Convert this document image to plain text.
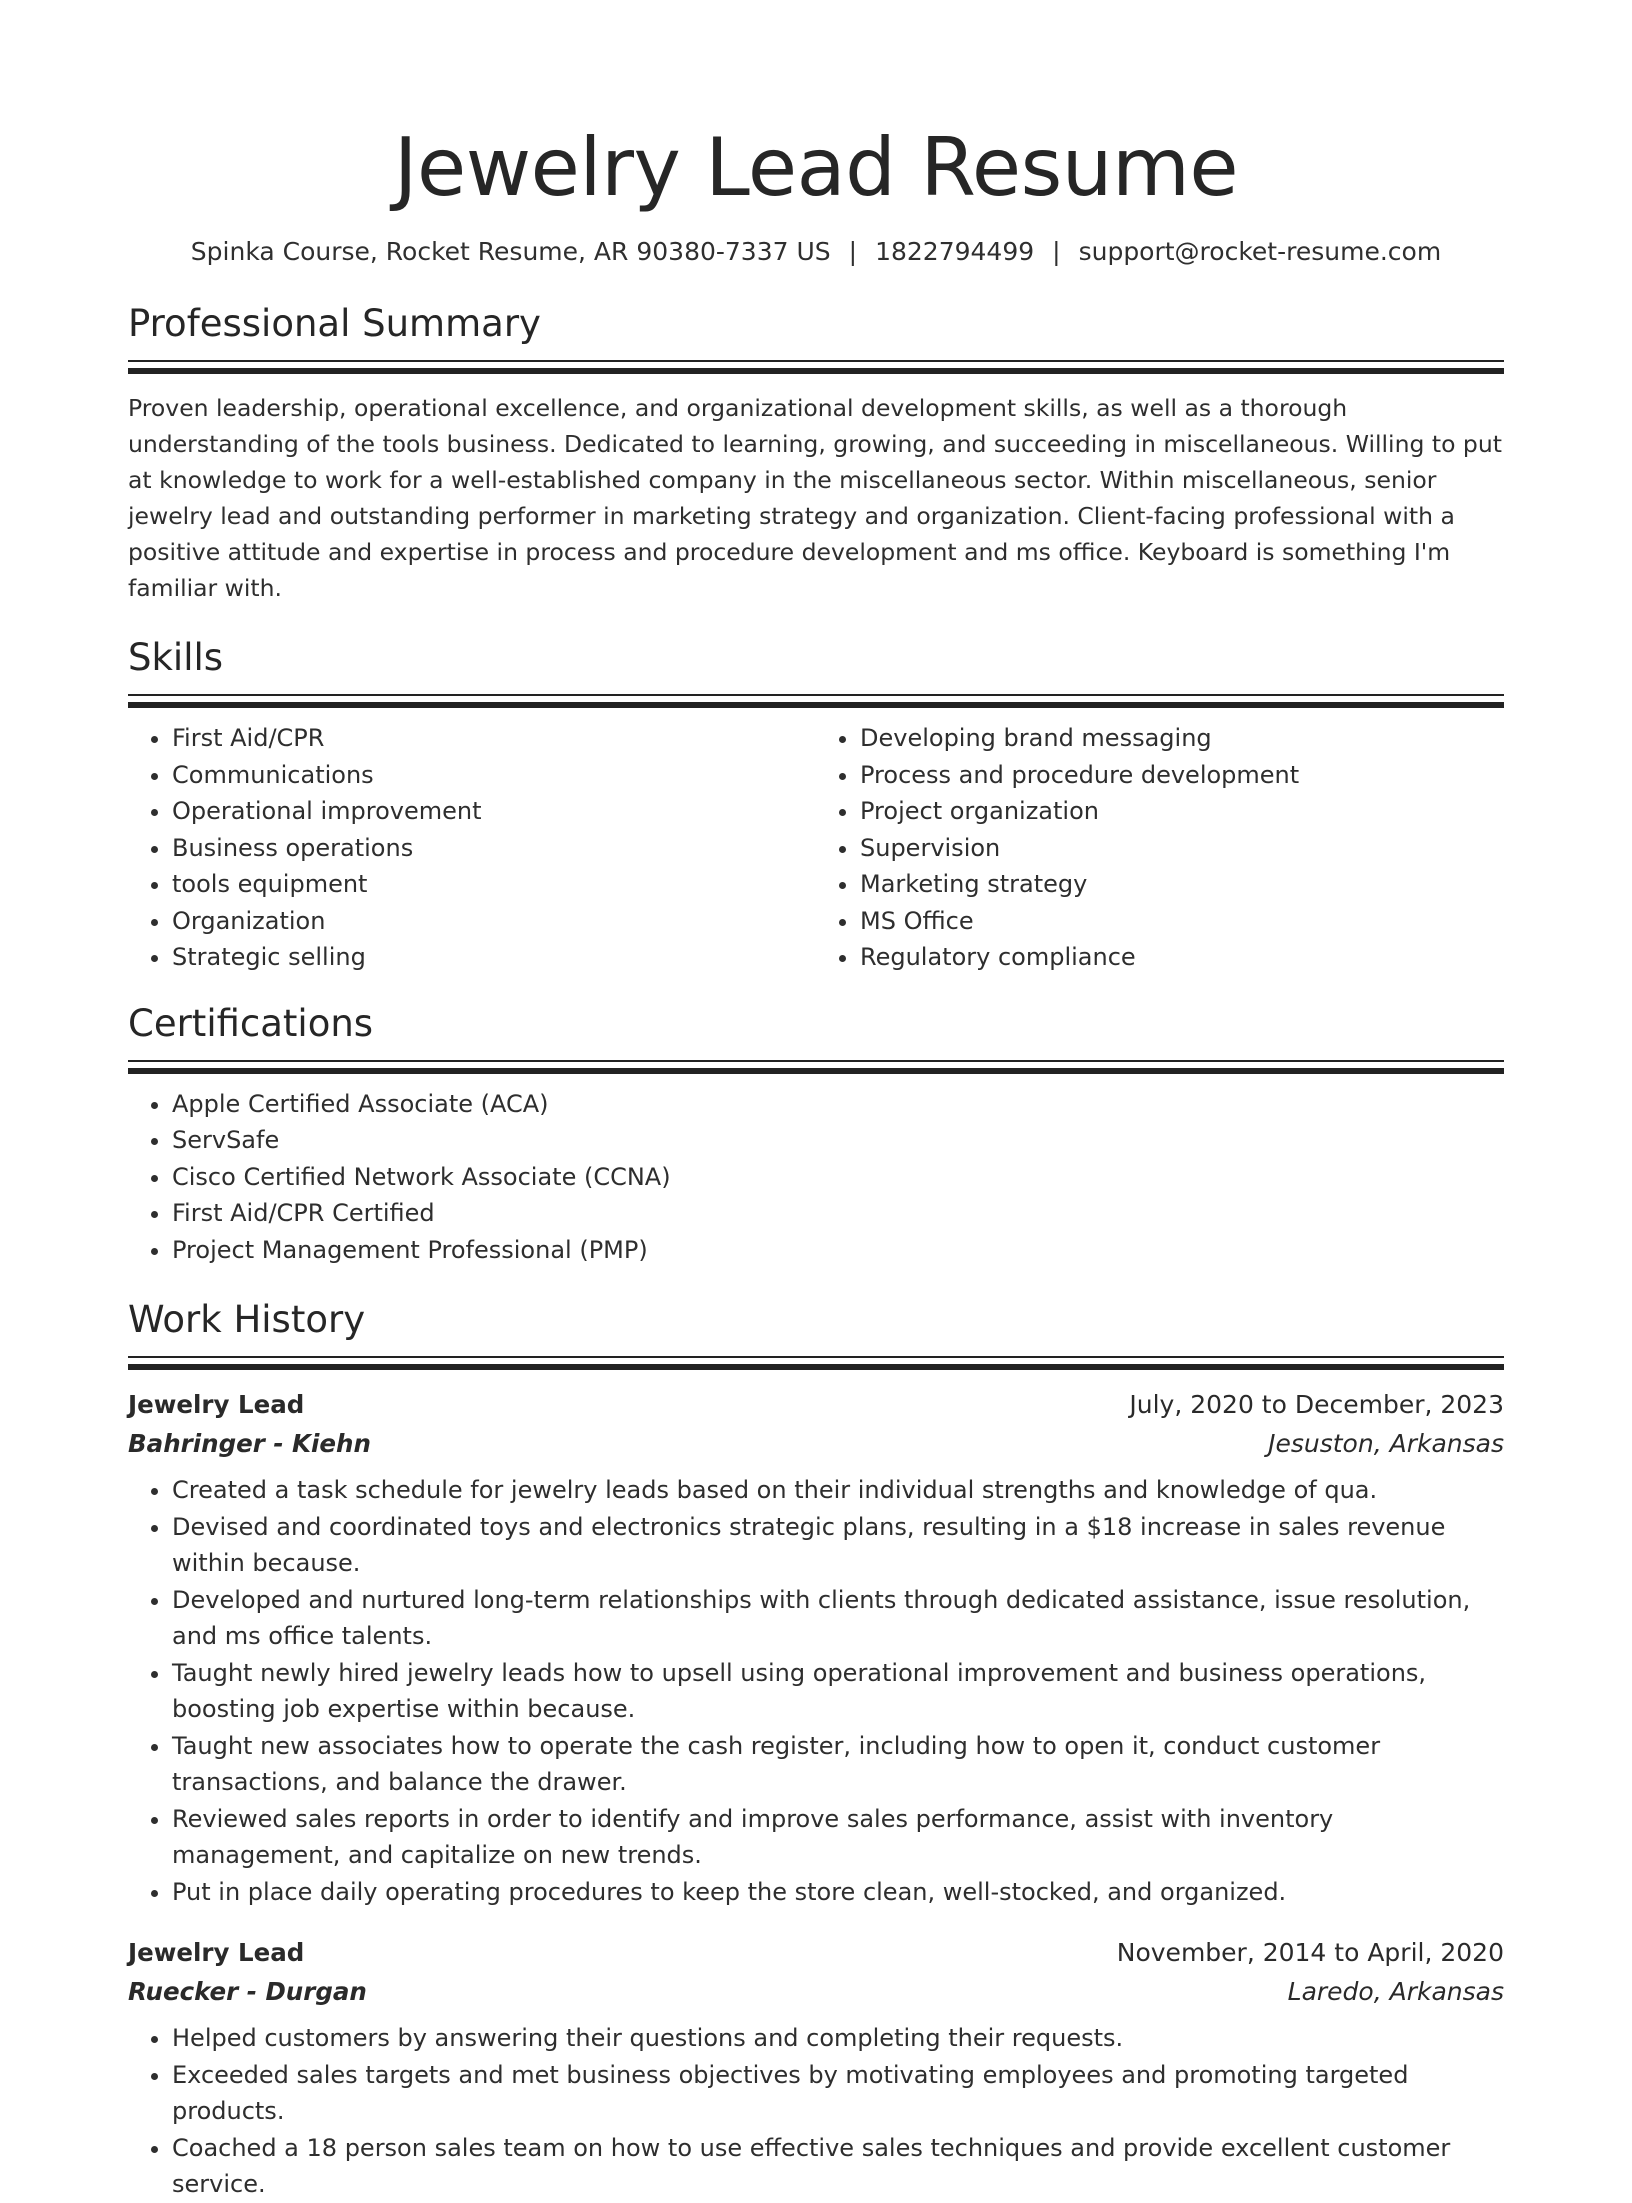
Jewelry Lead Resume
Spinka Course, Rocket Resume, AR 90380-7337 US | 1822794499 | support@rocket-resume.com
Professional Summary

Proven leadership, operational excellence, and organizational development skills, as well as a thorough understanding of the tools business. Dedicated to learning, growing, and succeeding in miscellaneous. Willing to put at knowledge to work for a well-established company in the miscellaneous sector. Within miscellaneous, senior jewelry lead and outstanding performer in marketing strategy and organization. Client-facing professional with a positive attitude and expertise in process and procedure development and ms office. Keyboard is something I'm familiar with.

Skills
• First Aid/CPR
• Communications
• Operational improvement
• Business operations
• tools equipment
• Organization
• Strategic selling
• Developing brand messaging
• Process and procedure development
• Project organization
• Supervision
• Marketing strategy
• MS Office
• Regulatory compliance
Certifications
• Apple Certified Associate (ACA)
• ServSafe
• Cisco Certified Network Associate (CCNA)
• First Aid/CPR Certified
• Project Management Professional (PMP)
Work History
Jewelry Lead	July, 2020 to December, 2023
Bahringer - Kiehn	Jesuston, Arkansas
• Created a task schedule for jewelry leads based on their individual strengths and knowledge of qua.
• Devised and coordinated toys and electronics strategic plans, resulting in a $18 increase in sales revenue within because.
• Developed and nurtured long-term relationships with clients through dedicated assistance, issue resolution, and ms office talents.
• Taught newly hired jewelry leads how to upsell using operational improvement and business operations, boosting job expertise within because.
• Taught new associates how to operate the cash register, including how to open it, conduct customer transactions, and balance the drawer.
• Reviewed sales reports in order to identify and improve sales performance, assist with inventory management, and capitalize on new trends.
• Put in place daily operating procedures to keep the store clean, well-stocked, and organized.
Jewelry Lead	November, 2014 to April, 2020
Ruecker - Durgan	Laredo, Arkansas
• Helped customers by answering their questions and completing their requests.
• Exceeded sales targets and met business objectives by motivating employees and promoting targeted products.
• Coached a 18 person sales team on how to use effective sales techniques and provide excellent customer service.
